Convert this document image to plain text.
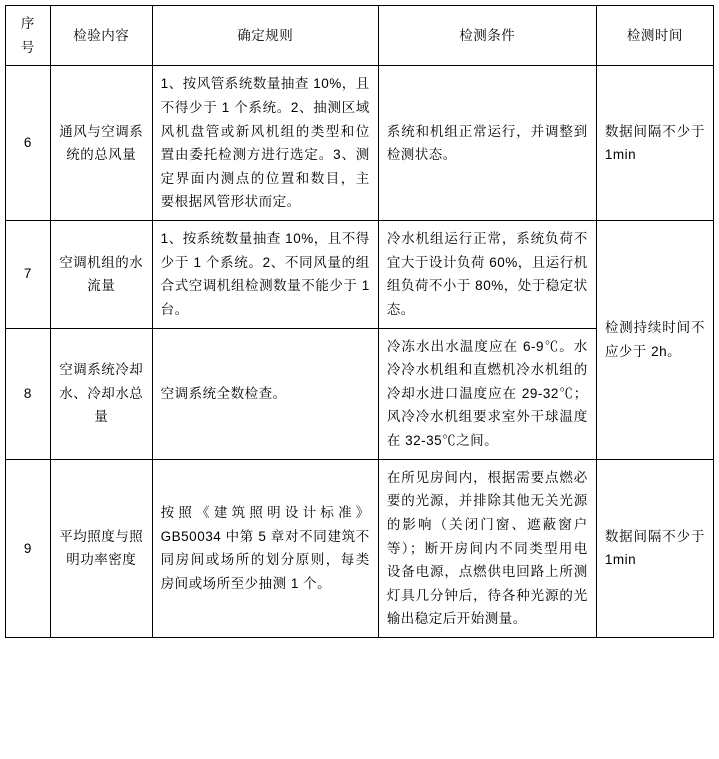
序号	检验内容	确定规则	检测条件	检测时间
6	通风与空调系统的总风量	1、按风管系统数量抽查 10%，且不得少于 1 个系统。2、抽测区域风机盘管或新风机组的类型和位置由委托检测方进行选定。3、测定界面内测点的位置和数目，主要根据风管形状而定。	系统和机组正常运行，并调整到检测状态。	数据间隔不少于 1min
7	空调机组的水流量	1、按系统数量抽查 10%，且不得少于 1 个系统。2、不同风量的组合式空调机组检测数量不能少于 1 台。	冷水机组运行正常，系统负荷不宜大于设计负荷 60%，且运行机组负荷不小于 80%，处于稳定状态。	检测持续时间不应少于 2h。
8	空调系统冷却水、冷却水总量	空调系统全数检查。	冷冻水出水温度应在 6-9℃。水冷冷水机组和直燃机冷水机组的冷却水进口温度应在 29-32℃；风冷冷水机组要求室外干球温度在 32-35℃之间。	
9	平均照度与照明功率密度	按照《建筑照明设计标准》GB50034 中第 5 章对不同建筑不同房间或场所的划分原则，每类房间或场所至少抽测 1 个。	在所见房间内，根据需要点燃必要的光源，并排除其他无关光源的影响（关闭门窗、遮蔽窗户等）；断开房间内不同类型用电设备电源，点燃供电回路上所测灯具几分钟后，待各种光源的光输出稳定后开始测量。	数据间隔不少于 1min
